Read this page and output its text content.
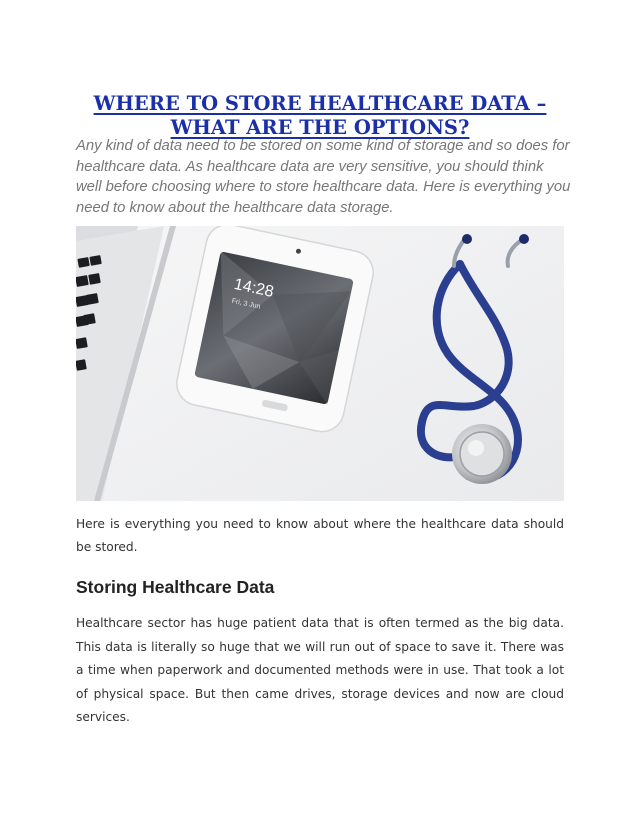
WHERE TO STORE HEALTHCARE DATA – WHAT ARE THE OPTIONS?

Any kind of data need to be stored on some kind of storage and so does for healthcare data. As healthcare data are very sensitive, you should think well before choosing where to store healthcare data. Here is everything you need to know about the healthcare data storage.

14:28
Fri, 3 Jun

Here is everything you need to know about where the healthcare data should be stored.

Storing Healthcare Data

Healthcare sector has huge patient data that is often termed as the big data. This data is literally so huge that we will run out of space to save it. There was a time when paperwork and documented methods were in use. That took a lot of physical space. But then came drives, storage devices and now are cloud services.
